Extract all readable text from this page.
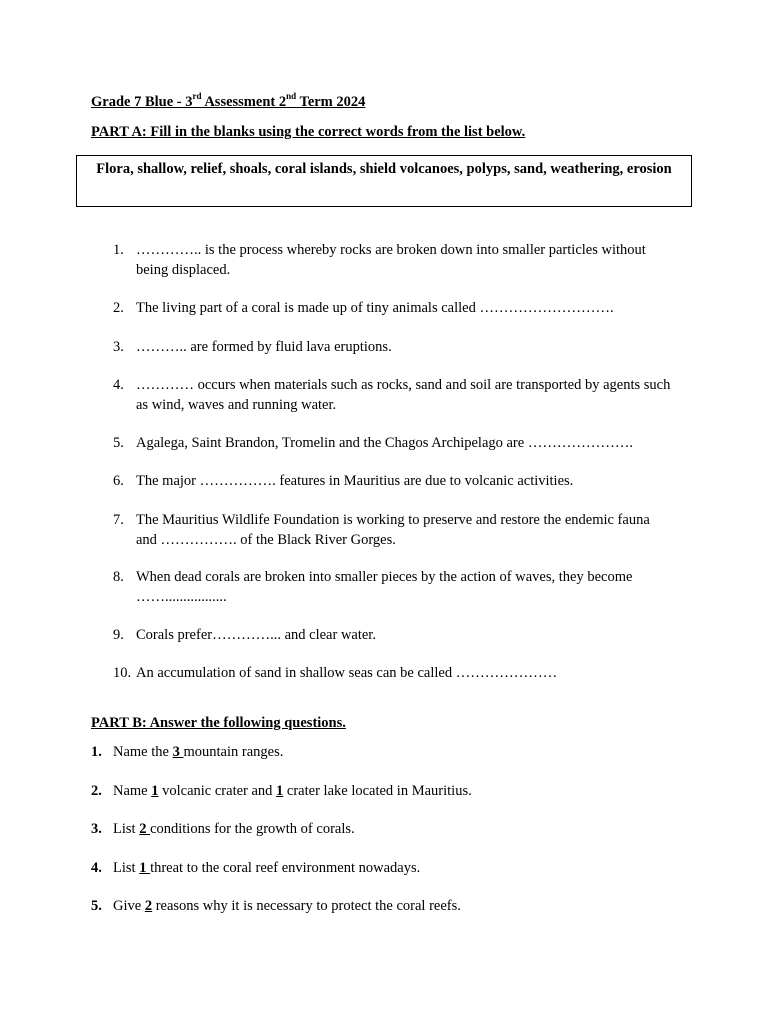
Grade 7 Blue - 3rd Assessment 2nd Term 2024
PART A: Fill in the blanks using the correct words from the list below.
Flora, shallow, relief, shoals, coral islands, shield volcanoes, polyps, sand, weathering, erosion
1. ………….. is the process whereby rocks are broken down into smaller particles without being displaced.
2. The living part of a coral is made up of tiny animals called ……………………….
3. ……….. are formed by fluid lava eruptions.
4. ………… occurs when materials such as rocks, sand and soil are transported by agents such as wind, waves and running water.
5. Agalega, Saint Brandon, Tromelin and the Chagos Archipelago are ………………….
6. The major ……………. features in Mauritius are due to volcanic activities.
7. The Mauritius Wildlife Foundation is working to preserve and restore the endemic fauna and ……………. of the Black River Gorges.
8. When dead corals are broken into smaller pieces by the action of waves, they become …….................
9. Corals prefer…………... and clear water.
10. An accumulation of sand in shallow seas can be called …………………
PART B: Answer the following questions.
1. Name the 3 mountain ranges.
2. Name 1 volcanic crater and 1 crater lake located in Mauritius.
3. List 2 conditions for the growth of corals.
4. List 1 threat to the coral reef environment nowadays.
5. Give 2 reasons why it is necessary to protect the coral reefs.
